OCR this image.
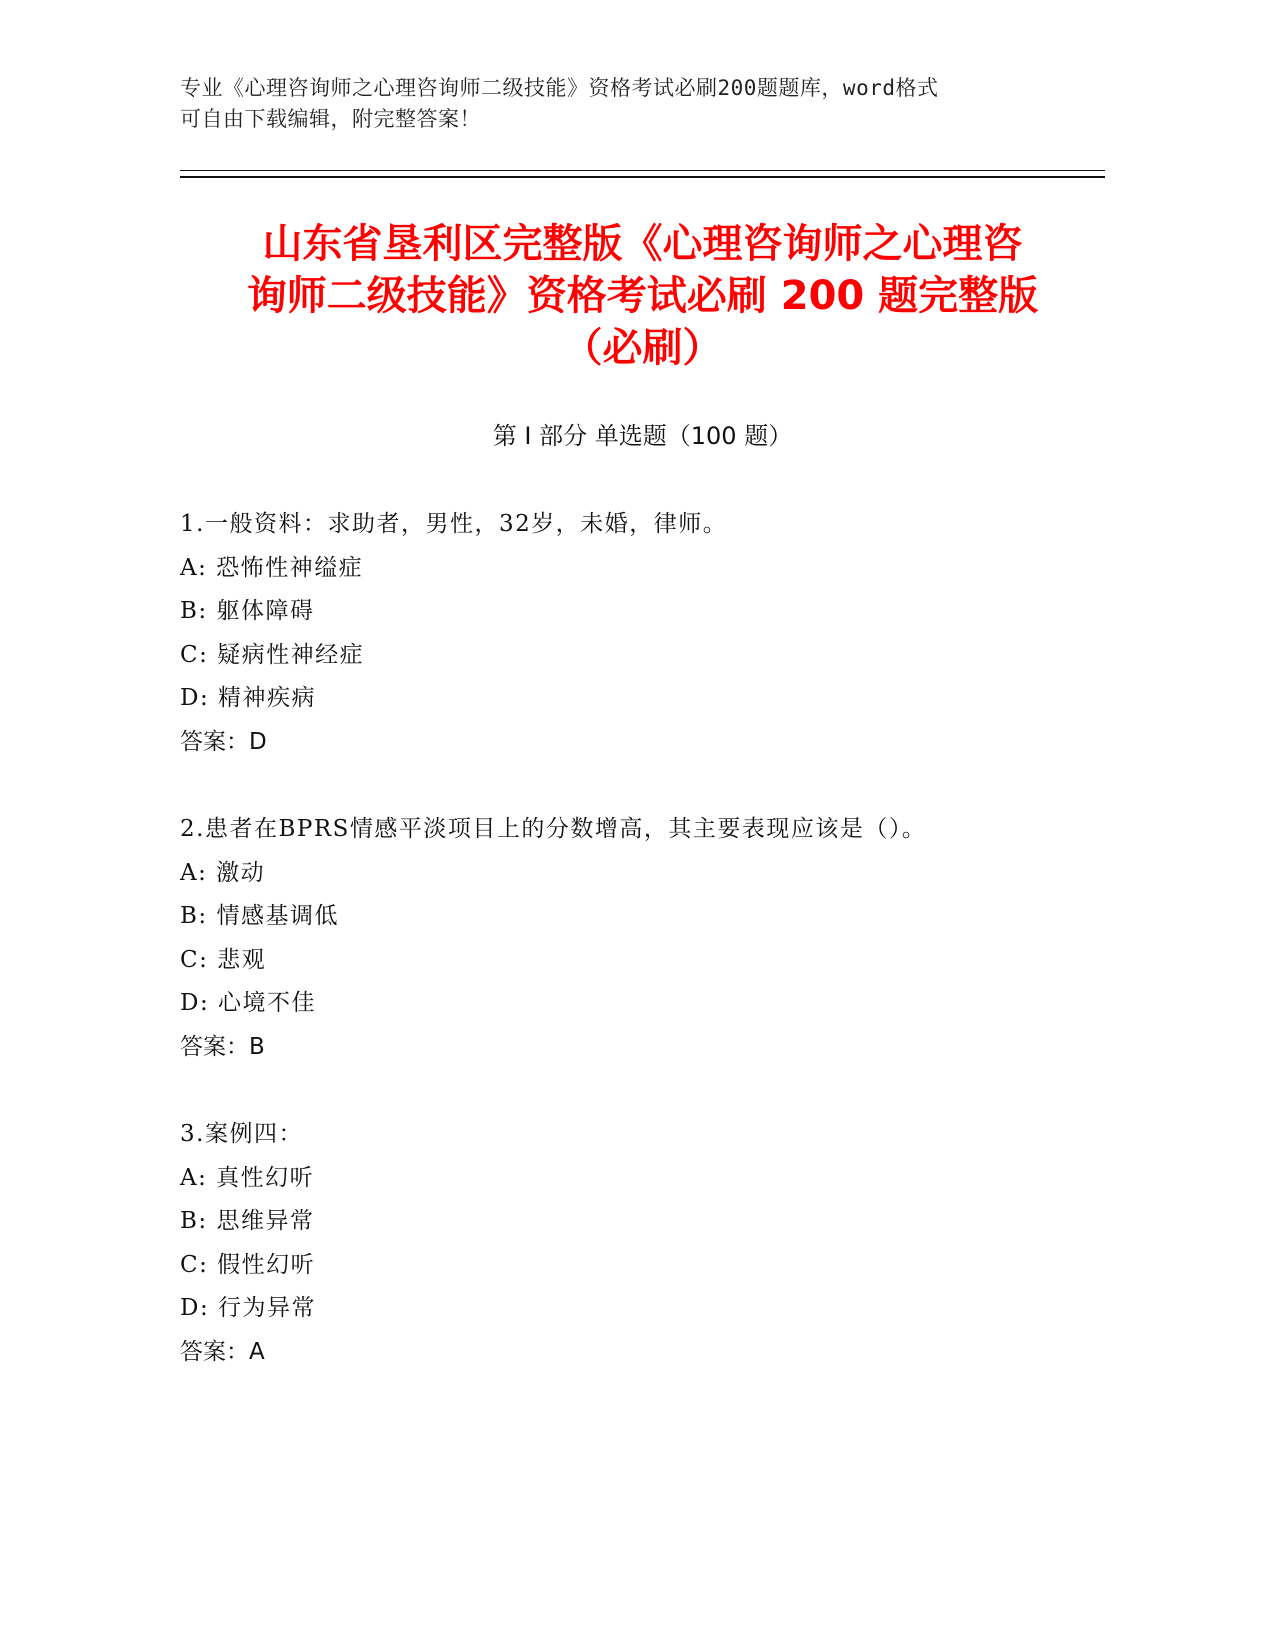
专业《心理咨询师之心理咨询师二级技能》资格考试必刷200题题库，word格式
可自由下载编辑，附完整答案！
山东省垦利区完整版《心理咨询师之心理咨
询师二级技能》资格考试必刷 200 题完整版
（必刷）
第 I 部分 单选题（100 题）
1.一般资料：求助者，男性，32岁，未婚，律师。
A: 恐怖性神缢症
B: 躯体障碍
C: 疑病性神经症
D: 精神疾病
答案：D
2.患者在BPRS情感平淡项目上的分数增高，其主要表现应该是（）。
A: 激动
B: 情感基调低
C: 悲观
D: 心境不佳
答案：B
3.案例四：
A: 真性幻听
B: 思维异常
C: 假性幻听
D: 行为异常
答案：A
